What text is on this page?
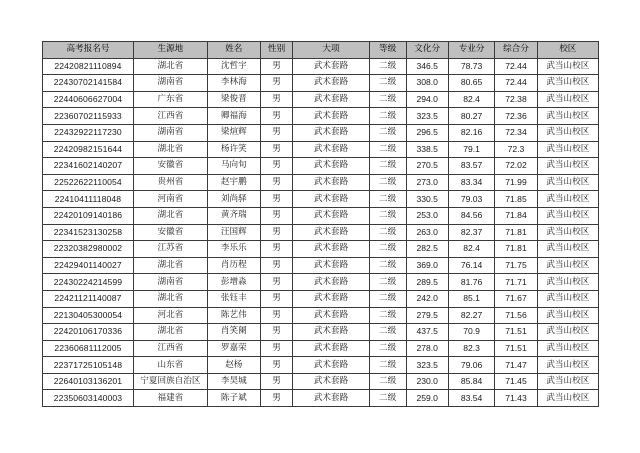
高考报名号	生源地	姓名	性别	大项	等级	文化分	专业分	综合分	校区
22420821110894	湖北省	沈哲宇	男	武术套路	二级	346.5	78.73	72.44	武当山校区
22430702141584	湖南省	李林海	男	武术套路	二级	308.0	80.65	72.44	武当山校区
22440606627004	广东省	梁俊晋	男	武术套路	二级	294.0	82.4	72.38	武当山校区
22360702115933	江西省	卿福海	男	武术套路	二级	323.5	80.27	72.36	武当山校区
22432922117230	湖南省	梁煊辉	男	武术套路	二级	296.5	82.16	72.34	武当山校区
22420982151644	湖北省	杨许笑	男	武术套路	二级	338.5	79.1	72.3	武当山校区
22341602140207	安徽省	马向旬	男	武术套路	二级	270.5	83.57	72.02	武当山校区
22522622110054	贵州省	赵宇鹏	男	武术套路	二级	273.0	83.34	71.99	武当山校区
22410411118048	河南省	刘尚驿	男	武术套路	二级	330.5	79.03	71.85	武当山校区
22420109140186	湖北省	黄齐瑞	男	武术套路	二级	253.0	84.56	71.84	武当山校区
22341523130258	安徽省	汪国辉	男	武术套路	二级	263.0	82.37	71.81	武当山校区
22320382980002	江苏省	李乐乐	男	武术套路	二级	282.5	82.4	71.81	武当山校区
22429401140027	湖北省	肖历程	男	武术套路	二级	369.0	76.14	71.75	武当山校区
22430224214599	湖南省	彭增淼	男	武术套路	二级	289.5	81.76	71.71	武当山校区
22421121140087	湖北省	张钰丰	男	武术套路	二级	242.0	85.1	71.67	武当山校区
22130405300054	河北省	陈艺伟	男	武术套路	二级	279.5	82.27	71.56	武当山校区
22420106170336	湖北省	肖笑阑	男	武术套路	二级	437.5	70.9	71.51	武当山校区
22360681112005	江西省	罗嘉荣	男	武术套路	二级	278.0	82.3	71.51	武当山校区
22371725105148	山东省	赵杨	男	武术套路	二级	323.5	79.06	71.47	武当山校区
22640103136201	宁夏回族自治区	李昊城	男	武术套路	二级	230.0	85.84	71.45	武当山校区
22350603140003	福建省	陈子斌	男	武术套路	二级	259.0	83.54	71.43	武当山校区
